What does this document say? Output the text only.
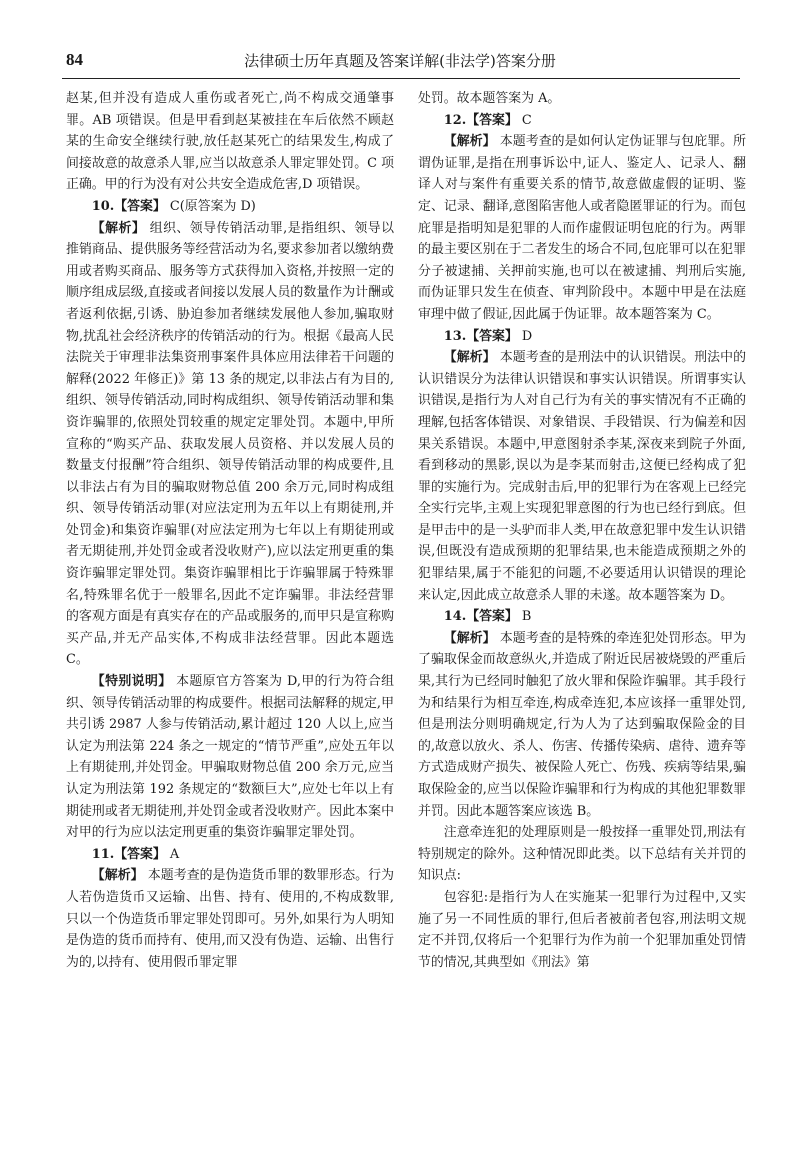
84	法律硕士历年真题及答案详解(非法学)答案分册

赵某,但并没有造成人重伤或者死亡,尚不构成交通肇事罪。AB 项错误。但是甲看到赵某被挂在车后依然不顾赵某的生命安全继续行驶,放任赵某死亡的结果发生,构成了间接故意的故意杀人罪,应当以故意杀人罪定罪处罚。C 项正确。甲的行为没有对公共安全造成危害,D 项错误。

10.【答案】 C(原答案为 D)

【解析】 组织、领导传销活动罪,是指组织、领导以推销商品、提供服务等经营活动为名,要求参加者以缴纳费用或者购买商品、服务等方式获得加入资格,并按照一定的顺序组成层级,直接或者间接以发展人员的数量作为计酬或者返利依据,引诱、胁迫参加者继续发展他人参加,骗取财物,扰乱社会经济秩序的传销活动的行为。根据《最高人民法院关于审理非法集资刑事案件具体应用法律若干问题的解释(2022 年修正)》第 13 条的规定,以非法占有为目的,组织、领导传销活动,同时构成组织、领导传销活动罪和集资诈骗罪的,依照处罚较重的规定定罪处罚。本题中,甲所宣称的“购买产品、获取发展人员资格、并以发展人员的数量支付报酬”符合组织、领导传销活动罪的构成要件,且以非法占有为目的骗取财物总值 200 余万元,同时构成组织、领导传销活动罪(对应法定刑为五年以上有期徒刑,并处罚金)和集资诈骗罪(对应法定刑为七年以上有期徒刑或者无期徒刑,并处罚金或者没收财产),应以法定刑更重的集资诈骗罪定罪处罚。集资诈骗罪相比于诈骗罪属于特殊罪名,特殊罪名优于一般罪名,因此不定诈骗罪。非法经营罪的客观方面是有真实存在的产品或服务的,而甲只是宣称购买产品,并无产品实体,不构成非法经营罪。因此本题选 C。

【特别说明】 本题原官方答案为 D,甲的行为符合组织、领导传销活动罪的构成要件。根据司法解释的规定,甲共引诱 2987 人参与传销活动,累计超过 120 人以上,应当认定为刑法第 224 条之一规定的“情节严重”,应处五年以上有期徒刑,并处罚金。甲骗取财物总值 200 余万元,应当认定为刑法第 192 条规定的“数额巨大”,应处七年以上有期徒刑或者无期徒刑,并处罚金或者没收财产。因此本案中对甲的行为应以法定刑更重的集资诈骗罪定罪处罚。

11.【答案】 A

【解析】 本题考查的是伪造货币罪的数罪形态。行为人若伪造货币又运输、出售、持有、使用的,不构成数罪,只以一个伪造货币罪定罪处罚即可。另外,如果行为人明知是伪造的货币而持有、使用,而又没有伪造、运输、出售行为的,以持有、使用假币罪定罪

处罚。故本题答案为 A。

12.【答案】 C

【解析】 本题考查的是如何认定伪证罪与包庇罪。所谓伪证罪,是指在刑事诉讼中,证人、鉴定人、记录人、翻译人对与案件有重要关系的情节,故意做虚假的证明、鉴定、记录、翻译,意图陷害他人或者隐匿罪证的行为。而包庇罪是指明知是犯罪的人而作虚假证明包庇的行为。两罪的最主要区别在于二者发生的场合不同,包庇罪可以在犯罪分子被逮捕、关押前实施,也可以在被逮捕、判刑后实施,而伪证罪只发生在侦查、审判阶段中。本题中甲是在法庭审理中做了假证,因此属于伪证罪。故本题答案为 C。

13.【答案】 D

【解析】 本题考查的是刑法中的认识错误。刑法中的认识错误分为法律认识错误和事实认识错误。所谓事实认识错误,是指行为人对自己行为有关的事实情况有不正确的理解,包括客体错误、对象错误、手段错误、行为偏差和因果关系错误。本题中,甲意图射杀李某,深夜来到院子外面,看到移动的黑影,误以为是李某而射击,这便已经构成了犯罪的实施行为。完成射击后,甲的犯罪行为在客观上已经完全实行完毕,主观上实现犯罪意图的行为也已经行到底。但是甲击中的是一头驴而非人类,甲在故意犯罪中发生认识错误,但既没有造成预期的犯罪结果,也未能造成预期之外的犯罪结果,属于不能犯的问题,不必要适用认识错误的理论来认定,因此成立故意杀人罪的未遂。故本题答案为 D。

14.【答案】 B

【解析】 本题考查的是特殊的牵连犯处罚形态。甲为了骗取保金而故意纵火,并造成了附近民居被烧毁的严重后果,其行为已经同时触犯了放火罪和保险诈骗罪。其手段行为和结果行为相互牵连,构成牵连犯,本应该择一重罪处罚,但是刑法分则明确规定,行为人为了达到骗取保险金的目的,故意以放火、杀人、伤害、传播传染病、虐待、遗弃等方式造成财产损失、被保险人死亡、伤残、疾病等结果,骗取保险金的,应当以保险诈骗罪和行为构成的其他犯罪数罪并罚。因此本题答案应该选 B。

注意牵连犯的处理原则是一般按择一重罪处罚,刑法有特别规定的除外。这种情况即此类。以下总结有关并罚的知识点:

包容犯:是指行为人在实施某一犯罪行为过程中,又实施了另一不同性质的罪行,但后者被前者包容,刑法明文规定不并罚,仅将后一个犯罪行为作为前一个犯罪加重处罚情节的情况,其典型如《刑法》第
